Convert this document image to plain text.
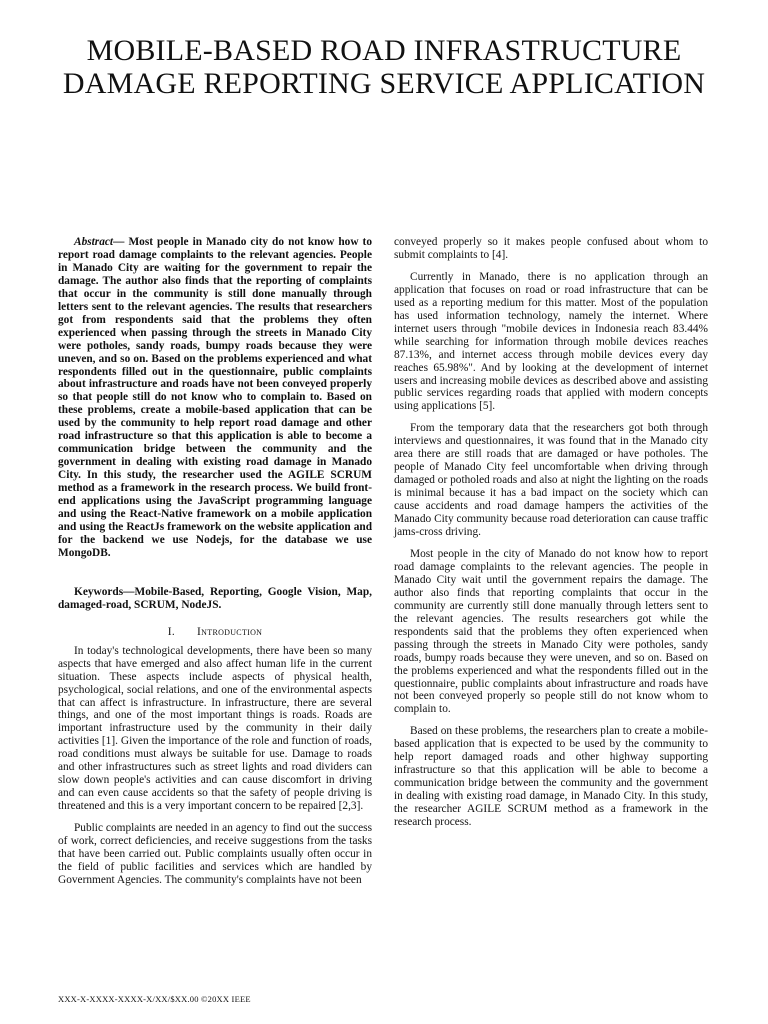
MOBILE-BASED ROAD INFRASTRUCTURE DAMAGE REPORTING SERVICE APPLICATION

Abstract— Most people in Manado city do not know how to report road damage complaints to the relevant agencies. People in Manado City are waiting for the government to repair the damage. The author also finds that the reporting of complaints that occur in the community is still done manually through letters sent to the relevant agencies. The results that researchers got from respondents said that the problems they often experienced when passing through the streets in Manado City were potholes, sandy roads, bumpy roads because they were uneven, and so on. Based on the problems experienced and what respondents filled out in the questionnaire, public complaints about infrastructure and roads have not been conveyed properly so that people still do not know who to complain to. Based on these problems, create a mobile-based application that can be used by the community to help report road damage and other road infrastructure so that this application is able to become a communication bridge between the community and the government in dealing with existing road damage in Manado City. In this study, the researcher used the AGILE SCRUM method as a framework in the research process. We build front-end applications using the JavaScript programming language and using the React-Native framework on a mobile application and using the ReactJs framework on the website application and for the backend we use Nodejs, for the database we use MongoDB.

Keywords—Mobile-Based, Reporting, Google Vision, Map, damaged-road, SCRUM, NodeJS.

I. Introduction

In today's technological developments, there have been so many aspects that have emerged and also affect human life in the current situation. These aspects include aspects of physical health, psychological, social relations, and one of the environmental aspects that can affect is infrastructure. In infrastructure, there are several things, and one of the most important things is roads. Roads are important infrastructure used by the community in their daily activities [1]. Given the importance of the role and function of roads, road conditions must always be suitable for use. Damage to roads and other infrastructures such as street lights and road dividers can slow down people's activities and can cause discomfort in driving and can even cause accidents so that the safety of people driving is threatened and this is a very important concern to be repaired [2,3].

Public complaints are needed in an agency to find out the success of work, correct deficiencies, and receive suggestions from the tasks that have been carried out. Public complaints usually often occur in the field of public facilities and services which are handled by Government Agencies. The community's complaints have not been

conveyed properly so it makes people confused about whom to submit complaints to [4].

Currently in Manado, there is no application through an application that focuses on road or road infrastructure that can be used as a reporting medium for this matter. Most of the population has used information technology, namely the internet. Where internet users through "mobile devices in Indonesia reach 83.44% while searching for information through mobile devices reaches 87.13%, and internet access through mobile devices every day reaches 65.98%". And by looking at the development of internet users and increasing mobile devices as described above and assisting public services regarding roads that applied with modern concepts using applications [5].

From the temporary data that the researchers got both through interviews and questionnaires, it was found that in the Manado city area there are still roads that are damaged or have potholes. The people of Manado City feel uncomfortable when driving through damaged or potholed roads and also at night the lighting on the roads is minimal because it has a bad impact on the society which can cause accidents and road damage hampers the activities of the Manado City community because road deterioration can cause traffic jams-cross driving.

Most people in the city of Manado do not know how to report road damage complaints to the relevant agencies. The people in Manado City wait until the government repairs the damage. The author also finds that reporting complaints that occur in the community are currently still done manually through letters sent to the relevant agencies. The results researchers got while the respondents said that the problems they often experienced when passing through the streets in Manado City were potholes, sandy roads, bumpy roads because they were uneven, and so on. Based on the problems experienced and what the respondents filled out in the questionnaire, public complaints about infrastructure and roads have not been conveyed properly so people still do not know whom to complain to.

Based on these problems, the researchers plan to create a mobile-based application that is expected to be used by the community to help report damaged roads and other highway supporting infrastructure so that this application will be able to become a communication bridge between the community and the government in dealing with existing road damage, in Manado City. In this study, the researcher AGILE SCRUM method as a framework in the research process.

XXX-X-XXXX-XXXX-X/XX/$XX.00 ©20XX IEEE
